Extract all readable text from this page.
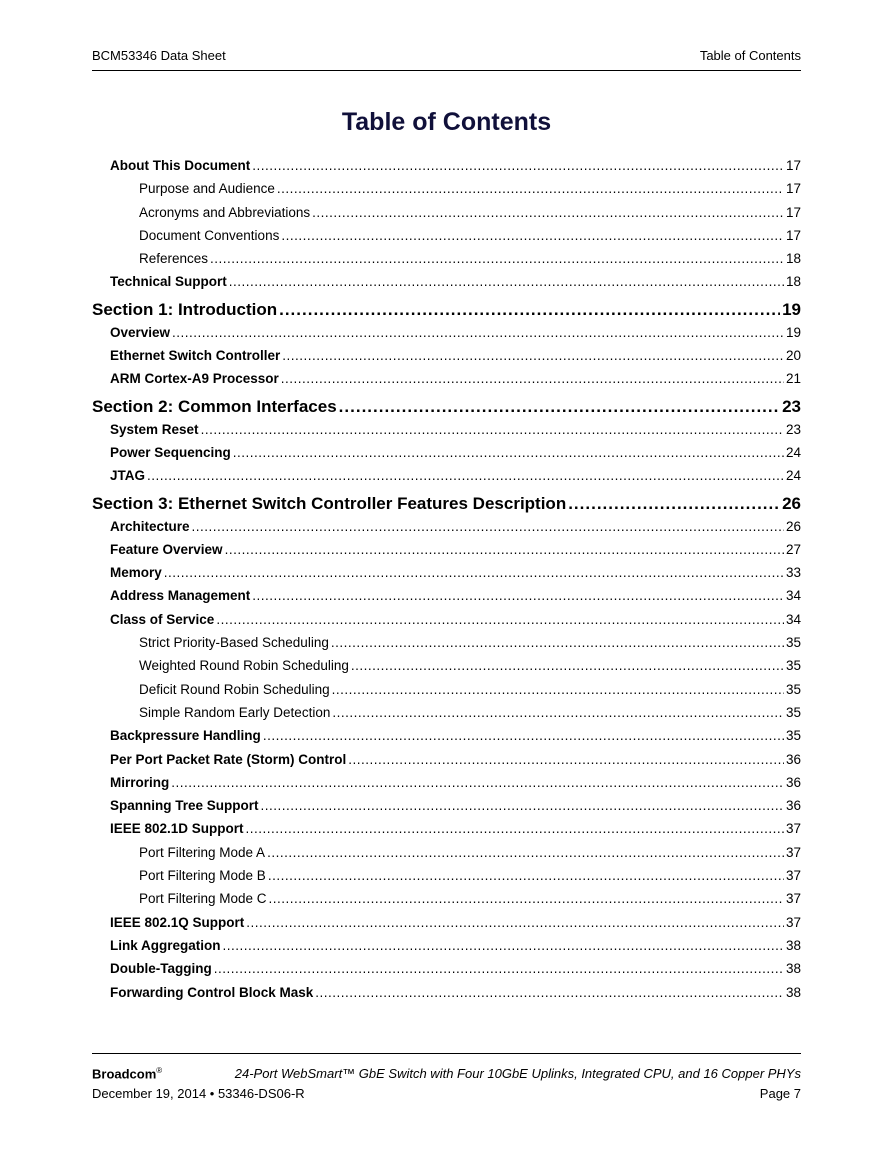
BCM53346 Data Sheet	Table of Contents
Table of Contents
About This Document .....	17
Purpose and Audience .....	17
Acronyms and Abbreviations .....	17
Document Conventions .....	17
References .....	18
Technical Support .....	18
Section 1: Introduction .....	19
Overview .....	19
Ethernet Switch Controller .....	20
ARM Cortex-A9 Processor .....	21
Section 2: Common Interfaces .....	23
System Reset .....	23
Power Sequencing .....	24
JTAG .....	24
Section 3: Ethernet Switch Controller Features Description .....	26
Architecture .....	26
Feature Overview .....	27
Memory .....	33
Address Management .....	34
Class of Service .....	34
Strict Priority-Based Scheduling .....	35
Weighted Round Robin Scheduling .....	35
Deficit Round Robin Scheduling .....	35
Simple Random Early Detection .....	35
Backpressure Handling .....	35
Per Port Packet Rate (Storm) Control .....	36
Mirroring .....	36
Spanning Tree Support .....	36
IEEE 802.1D Support .....	37
Port Filtering Mode A .....	37
Port Filtering Mode B .....	37
Port Filtering Mode C .....	37
IEEE 802.1Q Support .....	37
Link Aggregation .....	38
Double-Tagging .....	38
Forwarding Control Block Mask .....	38
Broadcom®	24-Port WebSmart™ GbE Switch with Four 10GbE Uplinks, Integrated CPU, and 16 Copper PHYs
December 19, 2014 • 53346-DS06-R	Page 7
